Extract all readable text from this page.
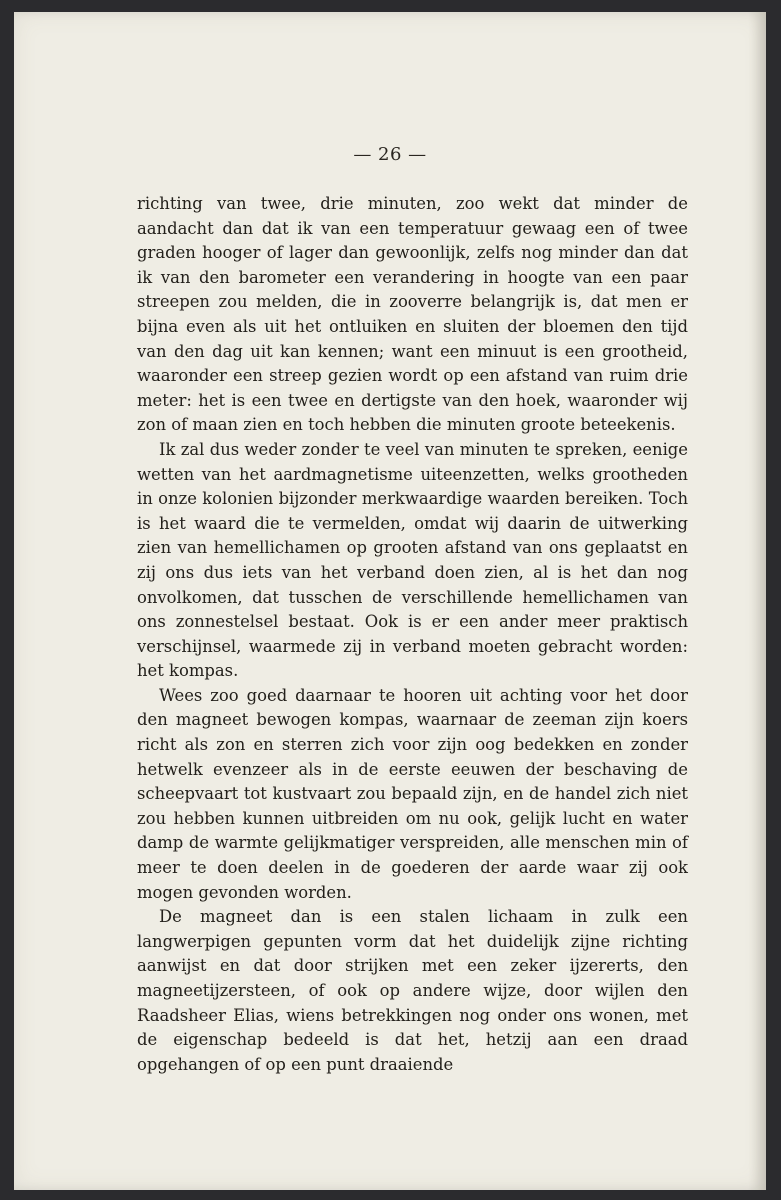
— 26 —

richting van twee, drie minuten, zoo wekt dat minder de aandacht dan dat ik van een temperatuur gewaag een of twee graden hooger of lager dan gewoonlijk, zelfs nog minder dan dat ik van den barometer een verandering in hoogte van een paar streepen zou melden, die in zooverre belangrijk is, dat men er bijna even als uit het ontluiken en sluiten der bloemen den tijd van den dag uit kan kennen; want een minuut is een grootheid, waaronder een streep gezien wordt op een afstand van ruim drie meter: het is een twee en dertigste van den hoek, waaronder wij zon of maan zien en toch hebben die minuten groote beteekenis.

Ik zal dus weder zonder te veel van minuten te spreken, eenige wetten van het aardmagnetisme uiteenzetten, welks grootheden in onze kolonien bijzonder merkwaardige waarden bereiken. Toch is het waard die te vermelden, omdat wij daarin de uitwerking zien van hemellichamen op grooten afstand van ons geplaatst en zij ons dus iets van het verband doen zien, al is het dan nog onvolkomen, dat tusschen de verschillende hemellichamen van ons zonnestelsel bestaat. Ook is er een ander meer praktisch verschijnsel, waarmede zij in verband moeten gebracht worden: het kompas.

Wees zoo goed daarnaar te hooren uit achting voor het door den magneet bewogen kompas, waarnaar de zeeman zijn koers richt als zon en sterren zich voor zijn oog bedekken en zonder hetwelk evenzeer als in de eerste eeuwen der beschaving de scheepvaart tot kustvaart zou bepaald zijn, en de handel zich niet zou hebben kunnen uitbreiden om nu ook, gelijk lucht en water damp de warmte gelijkmatiger verspreiden, alle menschen min of meer te doen deelen in de goederen der aarde waar zij ook mogen gevonden worden.

De magneet dan is een stalen lichaam in zulk een langwerpigen gepunten vorm dat het duidelijk zijne richting aanwijst en dat door strijken met een zeker ijzererts, den magneetijzersteen, of ook op andere wijze, door wijlen den Raadsheer Elias, wiens betrekkingen nog onder ons wonen, met de eigenschap bedeeld is dat het, hetzij aan een draad opgehangen of op een punt draaiende
